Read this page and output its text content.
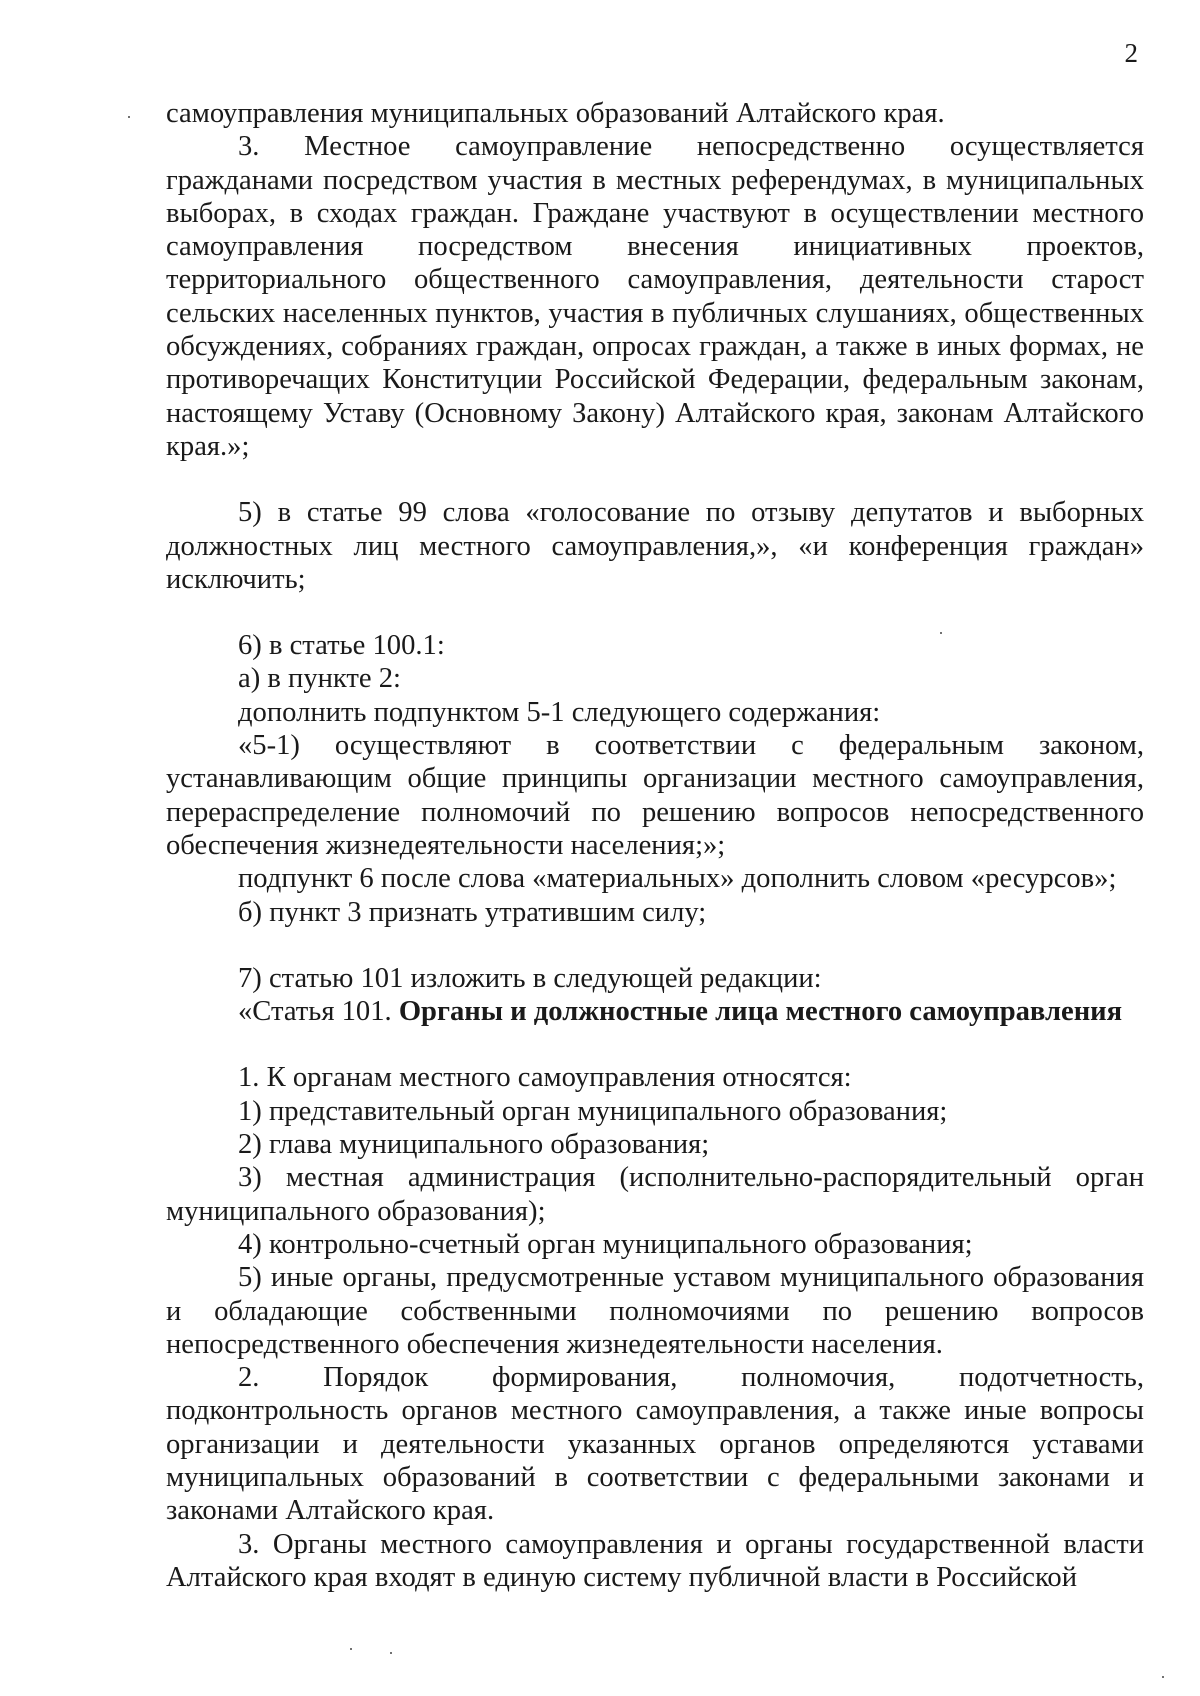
2

самоуправления муниципальных образований Алтайского края.

3. Местное самоуправление непосредственно осуществляется гражданами посредством участия в местных референдумах, в муниципальных выборах, в сходах граждан. Граждане участвуют в осуществлении местного самоуправления посредством внесения инициативных проектов, территориального общественного самоуправления, деятельности старост сельских населенных пунктов, участия в публичных слушаниях, общественных обсуждениях, собраниях граждан, опросах граждан, а также в иных формах, не противоречащих Конституции Российской Федерации, федеральным законам, настоящему Уставу (Основному Закону) Алтайского края, законам Алтайского края.»;

5) в статье 99 слова «голосование по отзыву депутатов и выборных должностных лиц местного самоуправления,», «и конференция граждан» исключить;

6) в статье 100.1:

а) в пункте 2:

дополнить подпунктом 5-1 следующего содержания:

«5-1) осуществляют в соответствии с федеральным законом, устанавливающим общие принципы организации местного самоуправления, перераспределение полномочий по решению вопросов непосредственного обеспечения жизнедеятельности населения;»;

подпункт 6 после слова «материальных» дополнить словом «ресурсов»;

б) пункт 3 признать утратившим силу;

7) статью 101 изложить в следующей редакции:

«Статья 101. Органы и должностные лица местного самоуправления

1. К органам местного самоуправления относятся:

1) представительный орган муниципального образования;

2) глава муниципального образования;

3) местная администрация (исполнительно-распорядительный орган муниципального образования);

4) контрольно-счетный орган муниципального образования;

5) иные органы, предусмотренные уставом муниципального образования и обладающие собственными полномочиями по решению вопросов непосредственного обеспечения жизнедеятельности населения.

2. Порядок формирования, полномочия, подотчетность, подконтрольность органов местного самоуправления, а также иные вопросы организации и деятельности указанных органов определяются уставами муниципальных образований в соответствии с федеральными законами и законами Алтайского края.

3. Органы местного самоуправления и органы государственной власти Алтайского края входят в единую систему публичной власти в Российской
